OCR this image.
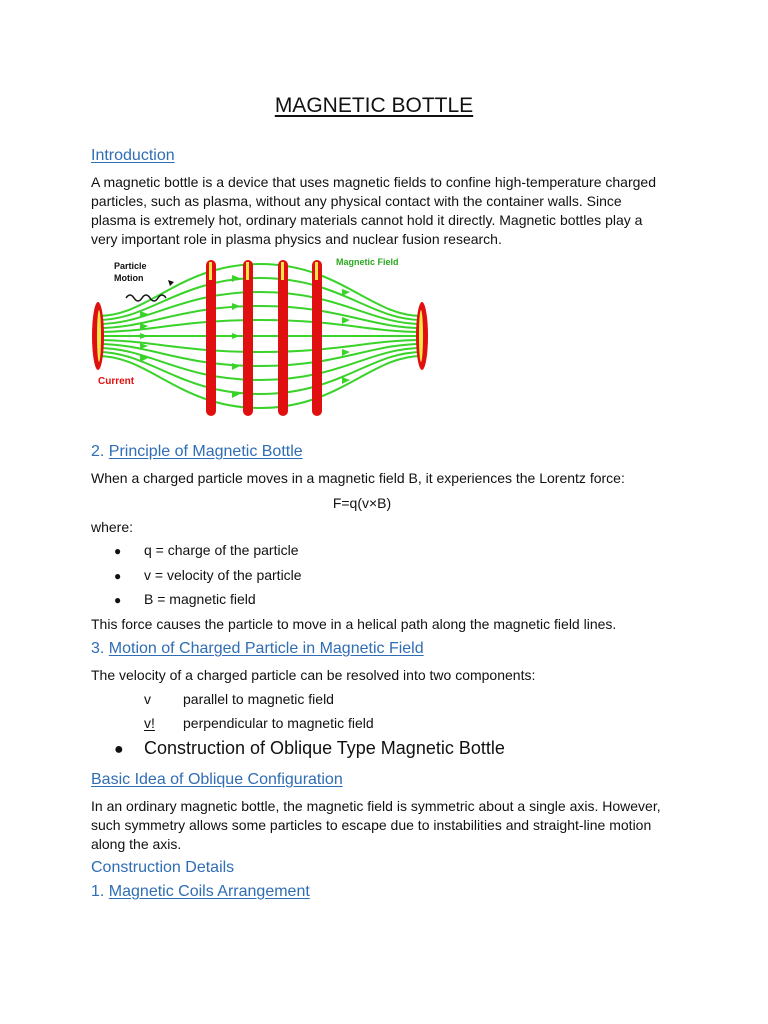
MAGNETIC BOTTLE
Introduction
A magnetic bottle is a device that uses magnetic fields to confine high-temperature charged particles, such as plasma, without any physical contact with the container walls. Since plasma is extremely hot, ordinary materials cannot hold it directly. Magnetic bottles play a very important role in plasma physics and nuclear fusion research.
Particle
Motion
Magnetic Field
Current
2. Principle of Magnetic Bottle
When a charged particle moves in a magnetic field B, it experiences the Lorentz force:
F=q(v×B)
where:
● q = charge of the particle
● v = velocity of the particle
● B = magnetic field
This force causes the particle to move in a helical path along the magnetic field lines.
3. Motion of Charged Particle in Magnetic Field
The velocity of a charged particle can be resolved into two components:
v parallel to magnetic field
v! perpendicular to magnetic field
● Construction of Oblique Type Magnetic Bottle
Basic Idea of Oblique Configuration
In an ordinary magnetic bottle, the magnetic field is symmetric about a single axis. However, such symmetry allows some particles to escape due to instabilities and straight-line motion along the axis.
Construction Details
1. Magnetic Coils Arrangement
